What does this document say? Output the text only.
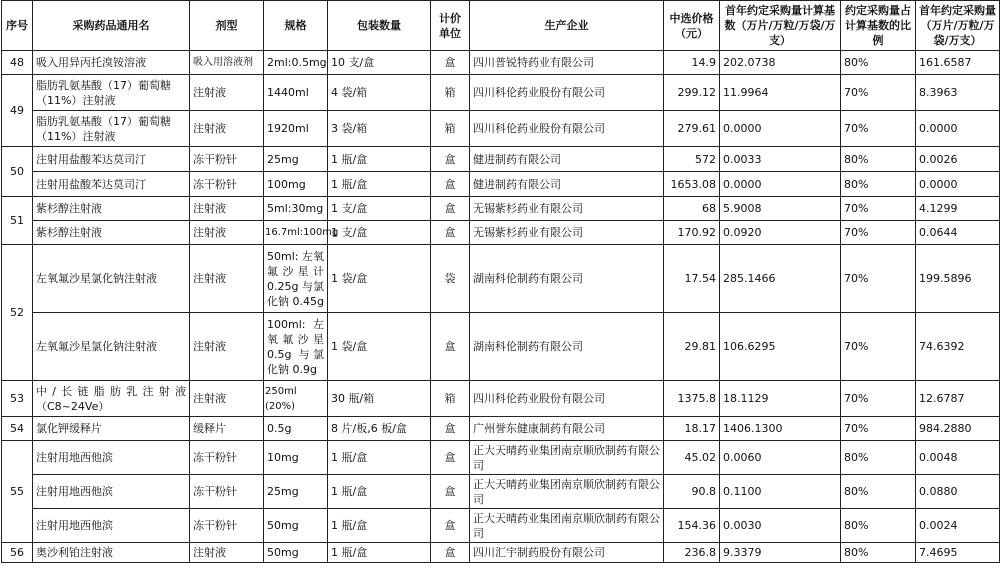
序号	采购药品通用名	剂型	规格	包装数量	计价单位	生产企业	中选价格（元）	首年约定采购量计算基数（万片/万粒/万袋/万支）	约定采购量占计算基数的比例	首年约定采购量（万片/万粒/万袋/万支）
48	吸入用异丙托溴铵溶液	吸入用溶液剂	2ml:0.5mg	10 支/盒	盒	四川普锐特药业有限公司	14.9	202.0738	80%	161.6587
49	脂肪乳氨基酸（17）葡萄糖（11%）注射液	注射液	1440ml	4 袋/箱	箱	四川科伦药业股份有限公司	299.12	11.9964	70%	8.3963
	脂肪乳氨基酸（17）葡萄糖（11%）注射液	注射液	1920ml	3 袋/箱	箱	四川科伦药业股份有限公司	279.61	0.0000	70%	0.0000
50	注射用盐酸苯达莫司汀	冻干粉针	25mg	1 瓶/盒	盒	健进制药有限公司	572	0.0033	80%	0.0026
	注射用盐酸苯达莫司汀	冻干粉针	100mg	1 瓶/盒	盒	健进制药有限公司	1653.08	0.0000	80%	0.0000
51	紫杉醇注射液	注射液	5ml:30mg	1 支/盒	盒	无锡紫杉药业有限公司	68	5.9008	70%	4.1299
	紫杉醇注射液	注射液	16.7ml:100mg	1 支/盒	盒	无锡紫杉药业有限公司	170.92	0.0920	70%	0.0644
52	左氧氟沙星氯化钠注射液	注射液	50ml: 左氧氟沙星计 0.25g 与氯化钠 0.45g	1 袋/盒	袋	湖南科伦制药有限公司	17.54	285.1466	70%	199.5896
	左氧氟沙星氯化钠注射液	注射液	100ml: 左氧氟沙星 0.5g 与氯化钠 0.9g	1 袋/盒	盒	湖南科伦制药有限公司	29.81	106.6295	70%	74.6392
53	中/长链脂肪乳注射液（C8~24Ve）	注射液	250ml (20%)	30 瓶/箱	箱	四川科伦药业股份有限公司	1375.8	18.1129	70%	12.6787
54	氯化钾缓释片	缓释片	0.5g	8 片/板,6 板/盒	盒	广州誉东健康制药有限公司	18.17	1406.1300	70%	984.2880
55	注射用地西他滨	冻干粉针	10mg	1 瓶/盒	盒	正大天晴药业集团南京顺欣制药有限公司	45.02	0.0060	80%	0.0048
	注射用地西他滨	冻干粉针	25mg	1 瓶/盒	盒	正大天晴药业集团南京顺欣制药有限公司	90.8	0.1100	80%	0.0880
	注射用地西他滨	冻干粉针	50mg	1 瓶/盒	盒	正大天晴药业集团南京顺欣制药有限公司	154.36	0.0030	80%	0.0024
56	奥沙利铂注射液	注射液	50mg	1 瓶/盒	盒	四川汇宇制药股份有限公司	236.8	9.3379	80%	7.4695
